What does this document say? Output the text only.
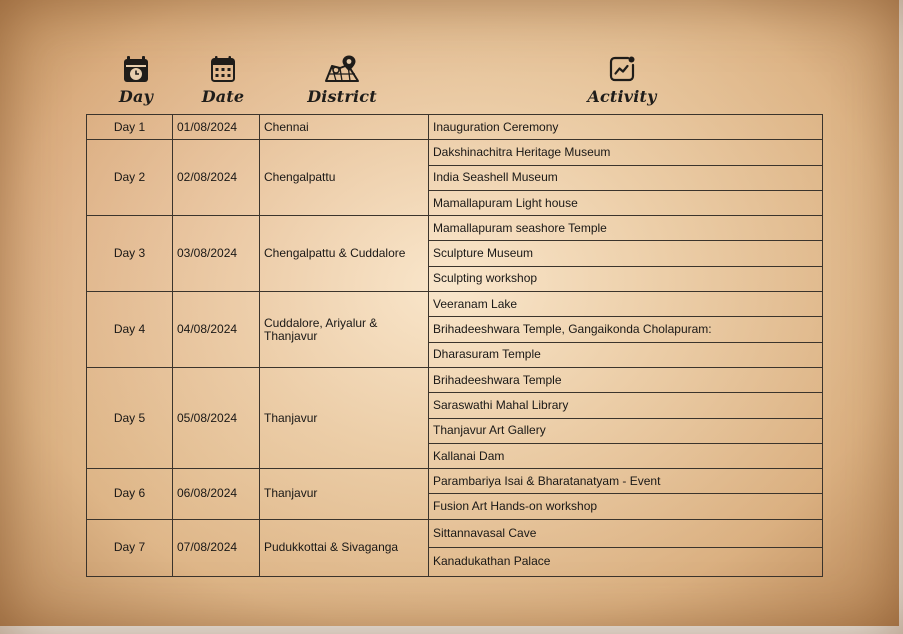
Day	Date	District	Activity
Day 1	01/08/2024	Chennai	Inauguration Ceremony
Day 2	02/08/2024	Chengalpattu	Dakshinachitra Heritage Museum
			India Seashell Museum
			Mamallapuram Light house
Day 3	03/08/2024	Chengalpattu & Cuddalore	Mamallapuram seashore Temple
			Sculpture Museum
			Sculpting workshop
Day 4	04/08/2024	Cuddalore, Ariyalur & Thanjavur	Veeranam Lake
			Brihadeeshwara Temple, Gangaikonda Cholapuram:
			Dharasuram Temple
Day 5	05/08/2024	Thanjavur	Brihadeeshwara Temple
			Saraswathi Mahal Library
			Thanjavur Art Gallery
			Kallanai Dam
Day 6	06/08/2024	Thanjavur	Parambariya Isai & Bharatanatyam - Event
			Fusion Art Hands-on workshop
Day 7	07/08/2024	Pudukkottai & Sivaganga	Sittannavasal Cave
			Kanadukathan Palace
